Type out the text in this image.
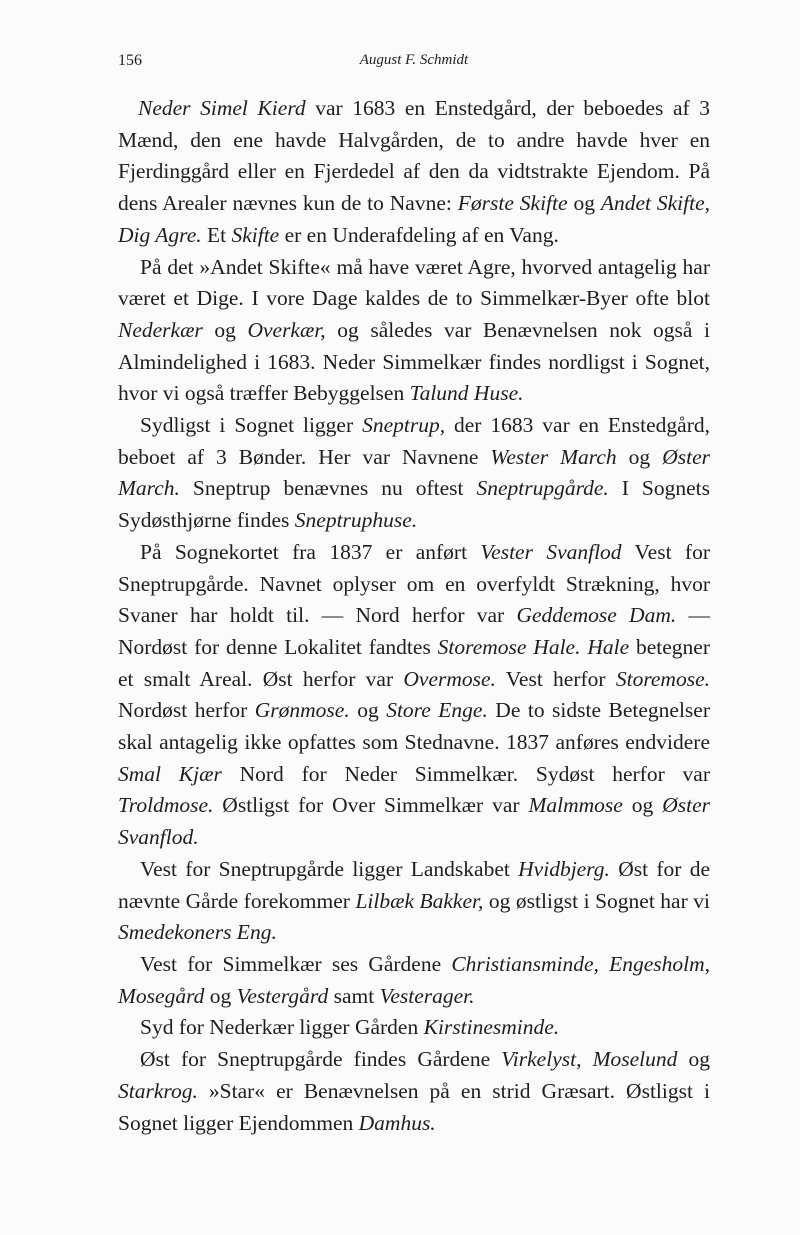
156	August F. Schmidt

Neder Simel Kierd var 1683 en Enstedgård, der beboedes af 3 Mænd, den ene havde Halvgården, de to andre havde hver en Fjerdinggård eller en Fjerdedel af den da vidtstrakte Ejendom. På dens Arealer nævnes kun de to Navne: Første Skifte og Andet Skifte, Dig Agre. Et Skifte er en Underafdeling af en Vang.

På det »Andet Skifte« må have været Agre, hvorved antagelig har været et Dige. I vore Dage kaldes de to Simmelkær-Byer ofte blot Nederkær og Overkær, og således var Benævnelsen nok også i Almindelighed i 1683. Neder Simmelkær findes nordligst i Sognet, hvor vi også træffer Bebyggelsen Talund Huse.

Sydligst i Sognet ligger Sneptrup, der 1683 var en Enstedgård, beboet af 3 Bønder. Her var Navnene Wester March og Øster March. Sneptrup benævnes nu oftest Sneptrupgårde. I Sognets Sydøsthjørne findes Sneptruphuse.

På Sognekortet fra 1837 er anført Vester Svanflod Vest for Sneptrupgårde. Navnet oplyser om en overfyldt Strækning, hvor Svaner har holdt til. — Nord herfor var Geddemose Dam. — Nordøst for denne Lokalitet fandtes Storemose Hale. Hale betegner et smalt Areal. Øst herfor var Overmose. Vest herfor Storemose. Nordøst herfor Grønmose. og Store Enge. De to sidste Betegnelser skal antagelig ikke opfattes som Stednavne. 1837 anføres endvidere Smal Kjær Nord for Neder Simmelkær. Sydøst herfor var Troldmose. Østligst for Over Simmelkær var Malmmose og Øster Svanflod.

Vest for Sneptrupgårde ligger Landskabet Hvidbjerg. Øst for de nævnte Gårde forekommer Lilbæk Bakker, og østligst i Sognet har vi Smedekoners Eng.

Vest for Simmelkær ses Gårdene Christiansminde, Engesholm, Mosegård og Vestergård samt Vesterager.

Syd for Nederkær ligger Gården Kirstinesminde.

Øst for Sneptrupgårde findes Gårdene Virkelyst, Moselund og Starkrog. »Star« er Benævnelsen på en strid Græsart. Østligst i Sognet ligger Ejendommen Damhus.
